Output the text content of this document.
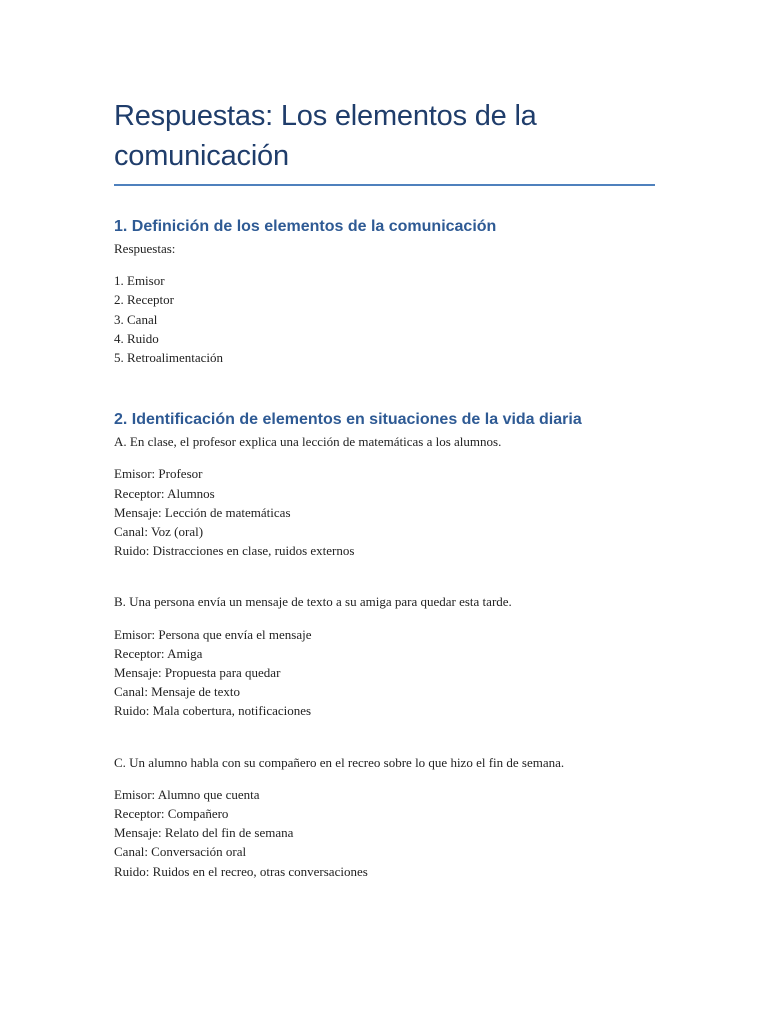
Respuestas: Los elementos de la
comunicación
1. Definición de los elementos de la comunicación

Respuestas:

1. Emisor
2. Receptor
3. Canal
4. Ruido
5. Retroalimentación
2. Identificación de elementos en situaciones de la vida diaria

A. En clase, el profesor explica una lección de matemáticas a los alumnos.

Emisor: Profesor
Receptor: Alumnos
Mensaje: Lección de matemáticas
Canal: Voz (oral)
Ruido: Distracciones en clase, ruidos externos

B. Una persona envía un mensaje de texto a su amiga para quedar esta tarde.

Emisor: Persona que envía el mensaje
Receptor: Amiga
Mensaje: Propuesta para quedar
Canal: Mensaje de texto
Ruido: Mala cobertura, notificaciones

C. Un alumno habla con su compañero en el recreo sobre lo que hizo el fin de semana.

Emisor: Alumno que cuenta
Receptor: Compañero
Mensaje: Relato del fin de semana
Canal: Conversación oral
Ruido: Ruidos en el recreo, otras conversaciones
